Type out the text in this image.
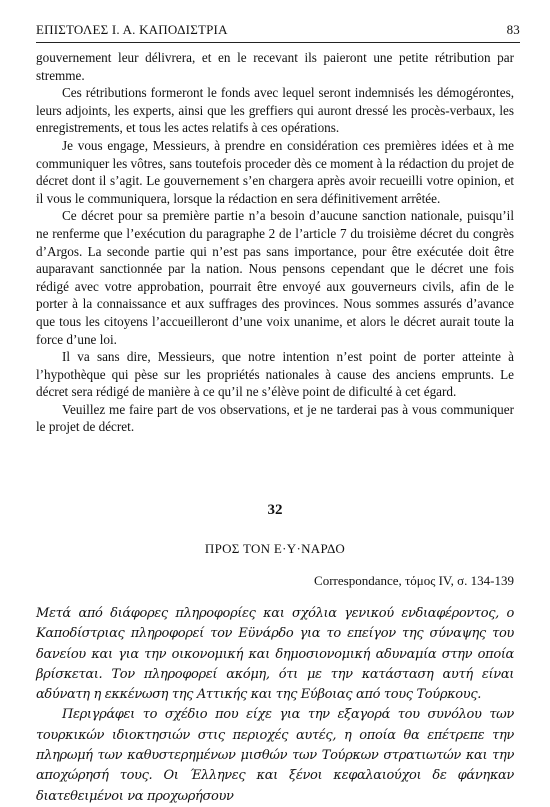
ΕΠΙΣΤΟΛΕΣ Ι. Α. ΚΑΠΟΔΙΣΤΡΙΑ	83

gouvernement leur délivrera, et en le recevant ils paieront une petite rétribution par stremme.

Ces rétributions formeront le fonds avec lequel seront indemnisés les démogérontes, leurs adjoints, les experts, ainsi que les greffiers qui auront dressé les procès-verbaux, les enregistrements, et tous les actes relatifs à ces opérations.

Je vous engage, Messieurs, à prendre en considération ces premières idées et à me communiquer les vôtres, sans toutefois proceder dès ce moment à la rédaction du projet de décret dont il s’agit. Le gouvernement s’en chargera après avoir recueilli votre opinion, et il vous le communiquera, lorsque la rédaction en sera définitivement arrêtée.

Ce décret pour sa première partie n’a besoin d’aucune sanction nationale, puisqu’il ne renferme que l’exécution du paragraphe 2 de l’article 7 du troisième décret du congrès d’Argos. La seconde partie qui n’est pas sans importance, pour être exécutée doit être auparavant sanctionnée par la nation. Nous pensons cependant que le décret une fois rédigé avec votre approbation, pourrait être envoyé aux gouverneurs civils, afin de le porter à la connaissance et aux suffrages des provinces. Nous sommes assurés d’avance que tous les citoyens l’accueilleront d’une voix unanime, et alors le décret aurait toute la force d’une loi.

Il va sans dire, Messieurs, que notre intention n’est point de porter atteinte à l’hypothèque qui pèse sur les propriétés nationales à cause des anciens emprunts. Le décret sera rédigé de manière à ce qu’il ne s’élève point de dificulté à cet égard.

Veuillez me faire part de vos observations, et je ne tarderai pas à vous communiquer le projet de décret.

32
ΠΡΟΣ ΤΟΝ Ε·Υ·ΝΑΡΔΟ
Correspondance, τόμος IV, σ. 134-139

Μετά από διάφορες πληροφορίες και σχόλια γενικού ενδιαφέροντος, ο Καποδίστριας πληροφορεί τον Εϋνάρδο για το επείγον της σύναψης του δανείου και για την οικονομική και δημοσιονομική αδυναμία στην οποία βρίσκεται. Τον πληροφορεί ακόμη, ότι με την κατάσταση αυτή είναι αδύνατη η εκκένωση της Αττικής και της Εύβοιας από τους Τούρκους.

Περιγράφει το σχέδιο που είχε για την εξαγορά του συνόλου των τουρκικών ιδιοκτησιών στις περιοχές αυτές, η οποία θα επέτρεπε την πληρωμή των καθυστερημένων μισθών των Τούρκων στρατιωτών και την αποχώρησή τους. Οι Έλληνες και ξένοι κεφαλαιούχοι δε φάνηκαν διατεθειμένοι να προχωρήσουν
